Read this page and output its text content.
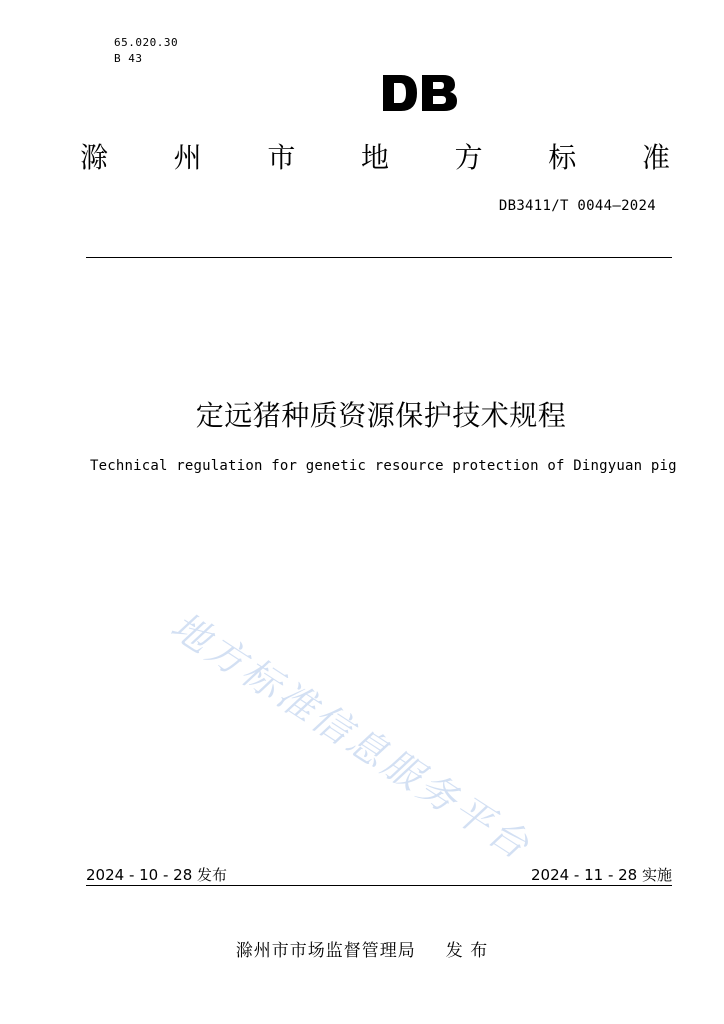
65.020.30
B 43
滁 州 市 地 方 标 准
DB3411/T 0044—2024
定远猪种质资源保护技术规程
Technical regulation for genetic resource protection of Dingyuan pig
地方标准信息服务平台
2024 - 10 - 28 发布	2024 - 11 - 28 实施
滁州市市场监督管理局 发 布
